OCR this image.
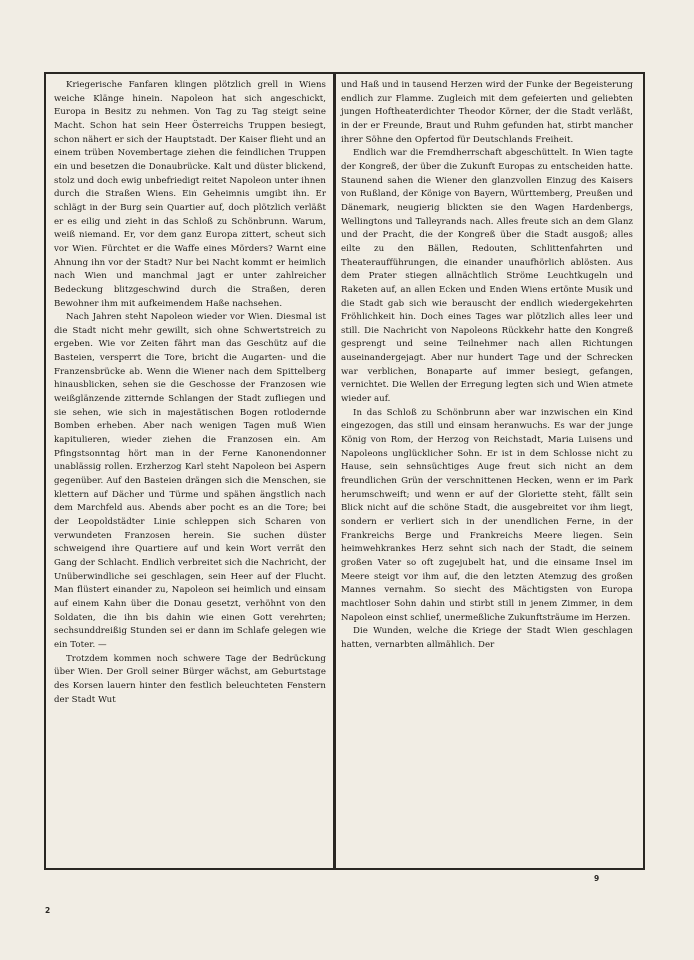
Kriegerische Fanfaren klingen plötzlich grell in Wiens weiche Klänge hinein. Napoleon hat sich angeschickt, Europa in Besitz zu nehmen. Von Tag zu Tag steigt seine Macht. Schon hat sein Heer Österreichs Truppen besiegt, schon nähert er sich der Hauptstadt. Der Kaiser flieht und an einem trüben Novembertage ziehen die feindlichen Truppen ein und besetzen die Donaubrücke. Kalt und düster blickend, stolz und doch ewig unbefriedigt reitet Napoleon unter ihnen durch die Straßen Wiens. Ein Geheimnis umgibt ihn. Er schlägt in der Burg sein Quartier auf, doch plötzlich verläßt er es eilig und zieht in das Schloß zu Schönbrunn. Warum, weiß niemand. Er, vor dem ganz Europa zittert, scheut sich vor Wien. Fürchtet er die Waffe eines Mörders? Warnt eine Ahnung ihn vor der Stadt? Nur bei Nacht kommt er heimlich nach Wien und manchmal jagt er unter zahlreicher Bedeckung blitzgeschwind durch die Straßen, deren Bewohner ihm mit aufkeimendem Haße nachsehen.

Nach Jahren steht Napoleon wieder vor Wien. Diesmal ist die Stadt nicht mehr gewillt, sich ohne Schwertstreich zu ergeben. Wie vor Zeiten fährt man das Geschütz auf die Basteien, versperrt die Tore, bricht die Augarten- und die Franzensbrücke ab. Wenn die Wiener nach dem Spittelberg hinausblicken, sehen sie die Geschosse der Franzosen wie weißglänzende zitternde Schlangen der Stadt zufliegen und sie sehen, wie sich in majestätischen Bogen rotlodernde Bomben erheben. Aber nach wenigen Tagen muß Wien kapitulieren, wieder ziehen die Franzosen ein. Am Pfingstsonntag hört man in der Ferne Kanonendonner unablässig rollen. Erzherzog Karl steht Napoleon bei Aspern gegenüber. Auf den Basteien drängen sich die Menschen, sie klettern auf Dächer und Türme und spähen ängstlich nach dem Marchfeld aus. Abends aber pocht es an die Tore; bei der Leopoldstädter Linie schleppen sich Scharen von verwundeten Franzosen herein. Sie suchen düster schweigend ihre Quartiere auf und kein Wort verrät den Gang der Schlacht. Endlich verbreitet sich die Nachricht, der Unüberwindliche sei geschlagen, sein Heer auf der Flucht. Man flüstert einander zu, Napoleon sei heimlich und einsam auf einem Kahn über die Donau gesetzt, verhöhnt von den Soldaten, die ihn bis dahin wie einen Gott verehrten; sechsunddreißig Stunden sei er dann im Schlafe gelegen wie ein Toter. —

Trotzdem kommen noch schwere Tage der Bedrückung über Wien. Der Groll seiner Bürger wächst, am Geburtstage des Korsen lauern hinter den festlich beleuchteten Fenstern der Stadt Wut

und Haß und in tausend Herzen wird der Funke der Begeisterung endlich zur Flamme. Zugleich mit dem gefeierten und geliebten jungen Hoftheaterdichter Theodor Körner, der die Stadt verläßt, in der er Freunde, Braut und Ruhm gefunden hat, stirbt mancher ihrer Söhne den Opfertod für Deutschlands Freiheit.

Endlich war die Fremdherrschaft abgeschüttelt. In Wien tagte der Kongreß, der über die Zukunft Europas zu entscheiden hatte. Staunend sahen die Wiener den glanzvollen Einzug des Kaisers von Rußland, der Könige von Bayern, Württemberg, Preußen und Dänemark, neugierig blickten sie den Wagen Hardenbergs, Wellingtons und Talleyrands nach. Alles freute sich an dem Glanz und der Pracht, die der Kongreß über die Stadt ausgoß; alles eilte zu den Bällen, Redouten, Schlittenfahrten und Theateraufführungen, die einander unaufhörlich ablösten. Aus dem Prater stiegen allnächtlich Ströme Leuchtkugeln und Raketen auf, an allen Ecken und Enden Wiens ertönte Musik und die Stadt gab sich wie berauscht der endlich wiedergekehrten Fröhlichkeit hin. Doch eines Tages war plötzlich alles leer und still. Die Nachricht von Napoleons Rückkehr hatte den Kongreß gesprengt und seine Teilnehmer nach allen Richtungen auseinandergejagt. Aber nur hundert Tage und der Schrecken war verblichen, Bonaparte auf immer besiegt, gefangen, vernichtet. Die Wellen der Erregung legten sich und Wien atmete wieder auf.

In das Schloß zu Schönbrunn aber war inzwischen ein Kind eingezogen, das still und einsam heranwuchs. Es war der junge König von Rom, der Herzog von Reichstadt, Maria Luisens und Napoleons unglücklicher Sohn. Er ist in dem Schlosse nicht zu Hause, sein sehnsüchtiges Auge freut sich nicht an dem freundlichen Grün der verschnittenen Hecken, wenn er im Park herumschweift; und wenn er auf der Gloriette steht, fällt sein Blick nicht auf die schöne Stadt, die ausgebreitet vor ihm liegt, sondern er verliert sich in der unendlichen Ferne, in der Frankreichs Berge und Frankreichs Meere liegen. Sein heimwehkrankes Herz sehnt sich nach der Stadt, die seinem großen Vater so oft zugejubelt hat, und die einsame Insel im Meere steigt vor ihm auf, die den letzten Atemzug des großen Mannes vernahm. So siecht des Mächtigsten von Europa machtloser Sohn dahin und stirbt still in jenem Zimmer, in dem Napoleon einst schlief, unermeßliche Zukunftsträume im Herzen.

Die Wunden, welche die Kriege der Stadt Wien geschlagen hatten, vernarbten allmählich. Der

9
2
